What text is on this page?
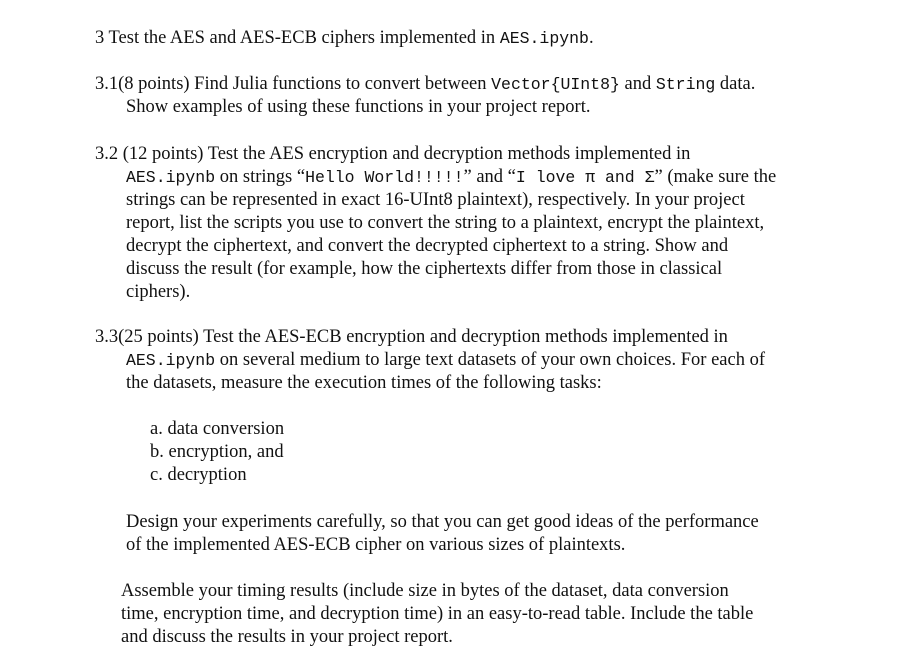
3 Test the AES and AES-ECB ciphers implemented in AES.ipynb.
3.1(8 points) Find Julia functions to convert between Vector{UInt8} and String data.
Show examples of using these functions in your project report.
3.2 (12 points) Test the AES encryption and decryption methods implemented in
AES.ipynb on strings “Hello World!!!!!” and “I love π and Σ” (make sure the
strings can be represented in exact 16-UInt8 plaintext), respectively. In your project
report, list the scripts you use to convert the string to a plaintext, encrypt the plaintext,
decrypt the ciphertext, and convert the decrypted ciphertext to a string. Show and
discuss the result (for example, how the ciphertexts differ from those in classical
ciphers).
3.3(25 points) Test the AES-ECB encryption and decryption methods implemented in
AES.ipynb on several medium to large text datasets of your own choices. For each of
the datasets, measure the execution times of the following tasks:
a. data conversion
b. encryption, and
c. decryption
Design your experiments carefully, so that you can get good ideas of the performance
of the implemented AES-ECB cipher on various sizes of plaintexts.
Assemble your timing results (include size in bytes of the dataset, data conversion
time, encryption time, and decryption time) in an easy-to-read table. Include the table
and discuss the results in your project report.
